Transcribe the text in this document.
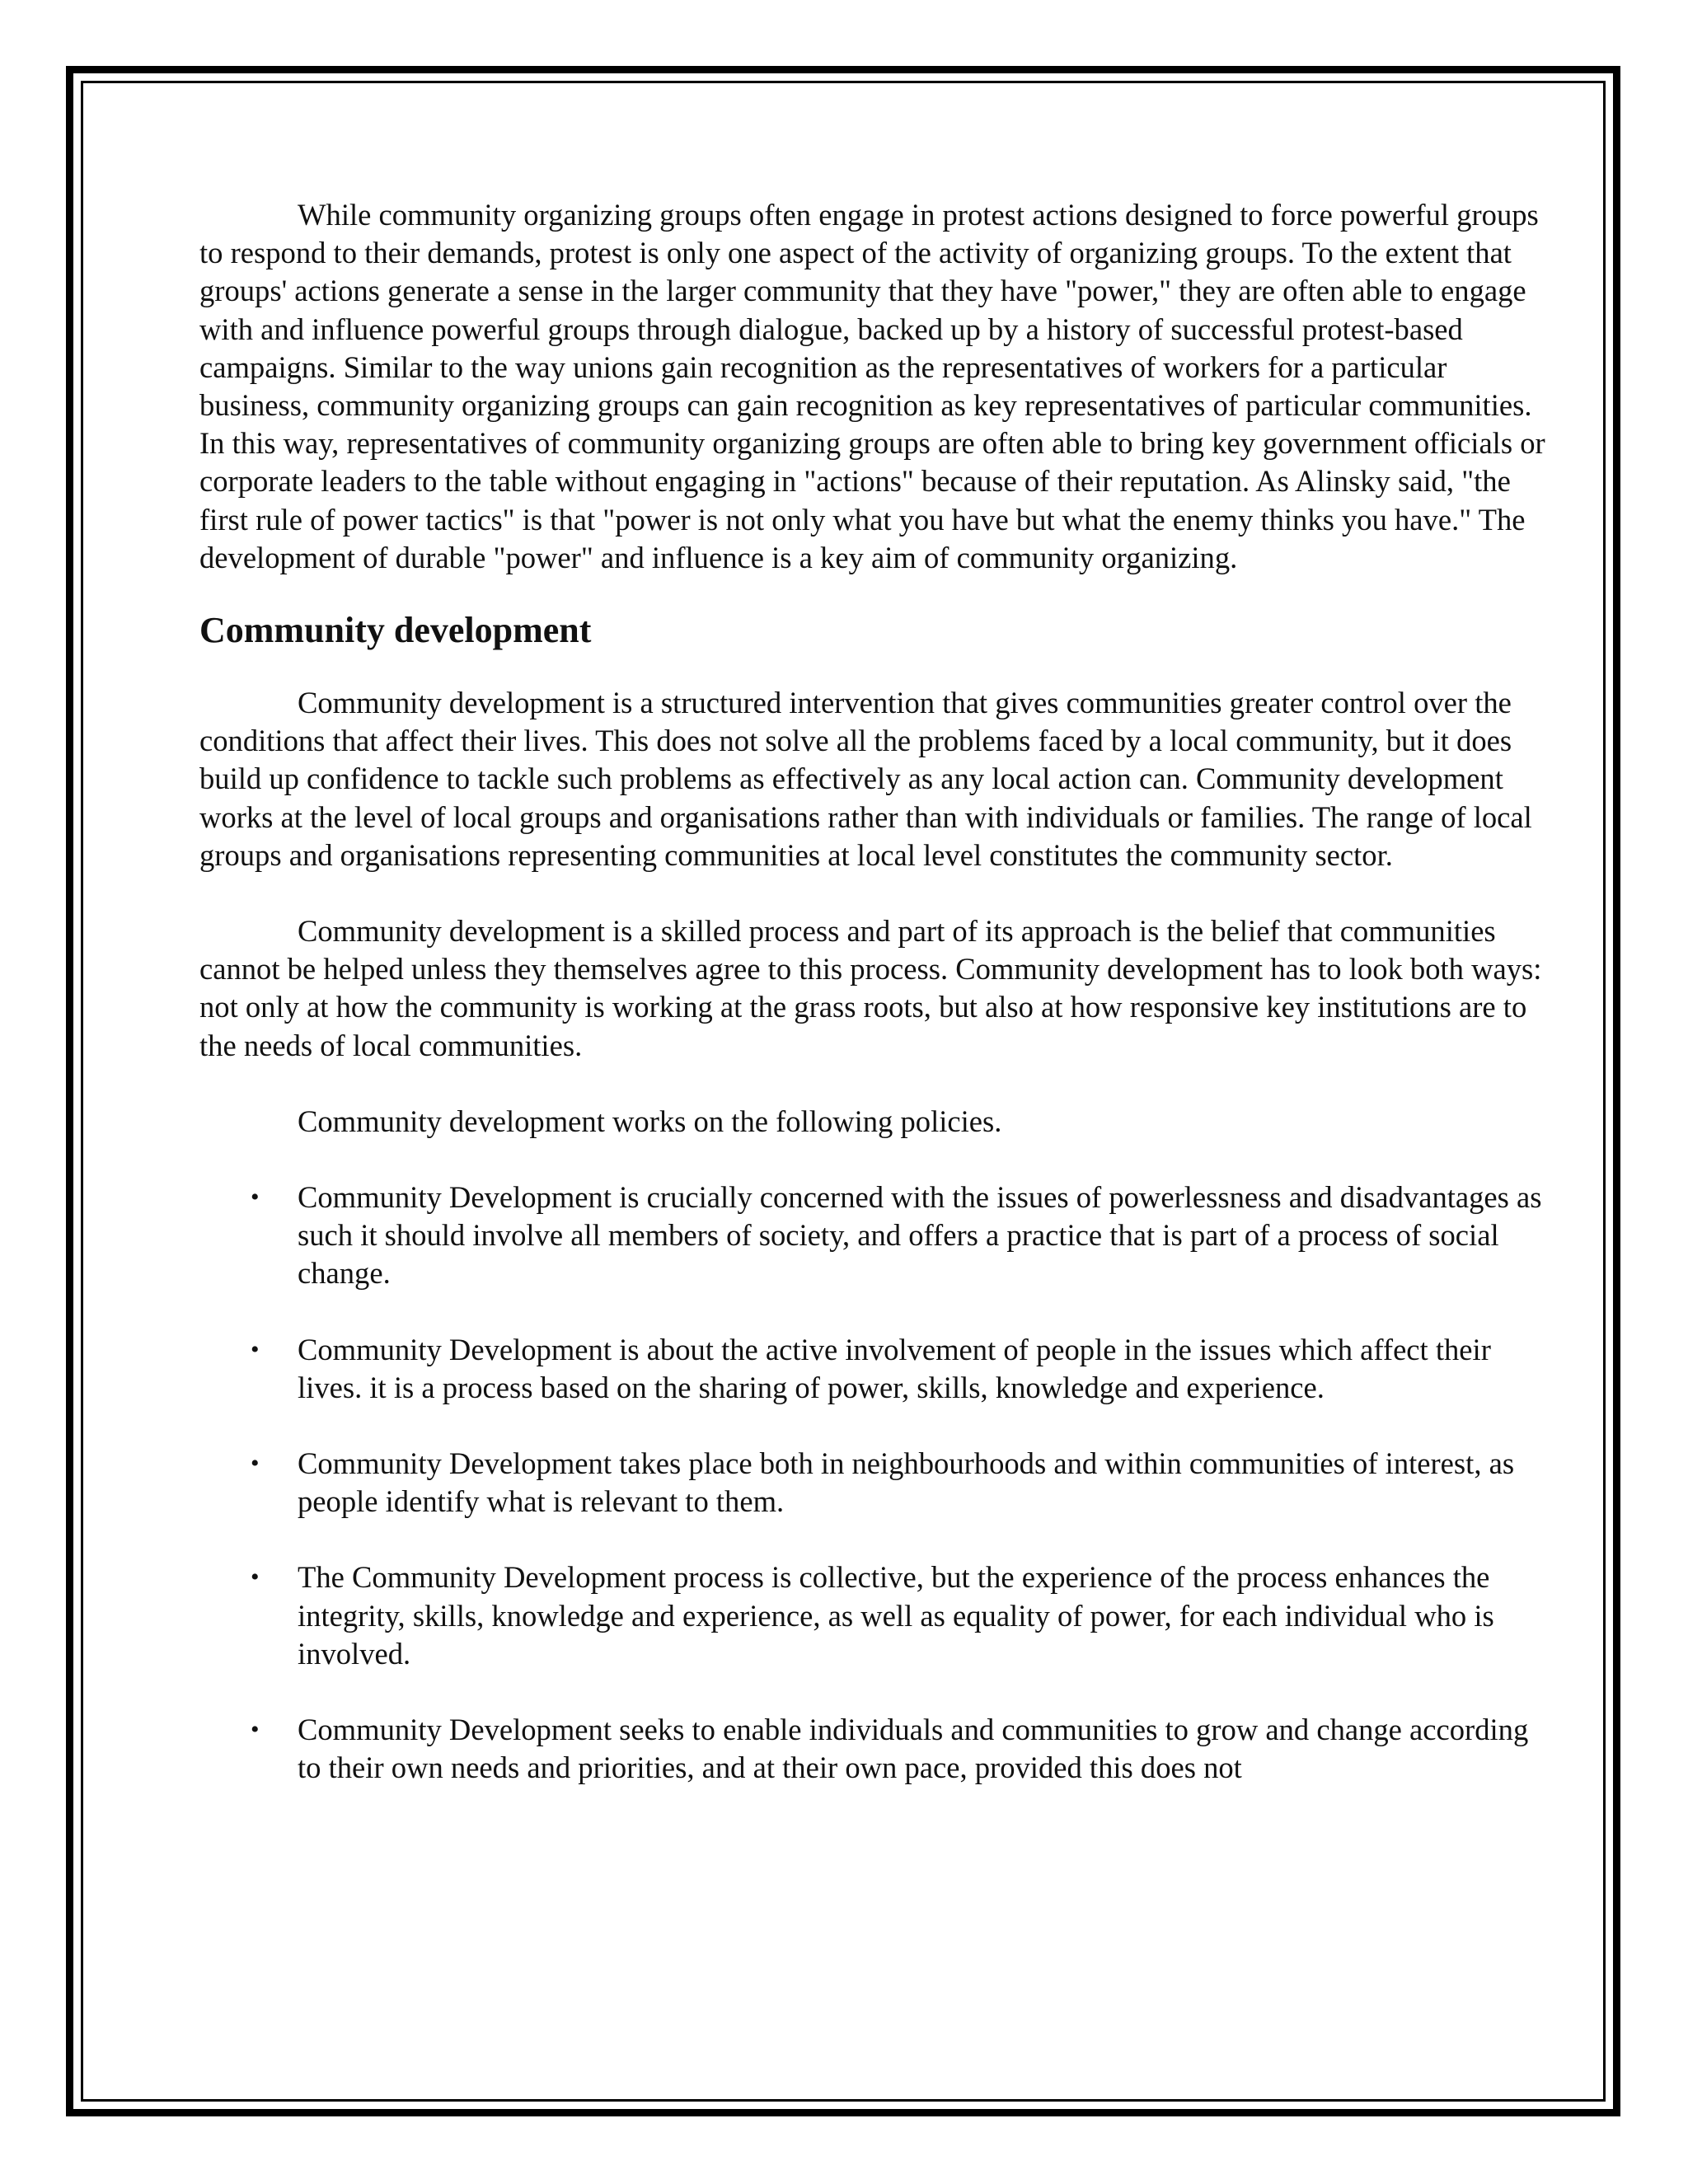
While community organizing groups often engage in protest actions designed to force powerful groups to respond to their demands, protest is only one aspect of the activity of organizing groups. To the extent that groups' actions generate a sense in the larger community that they have "power," they are often able to engage with and influence powerful groups through dialogue, backed up by a history of successful protest-based campaigns. Similar to the way unions gain recognition as the representatives of workers for a particular business, community organizing groups can gain recognition as key representatives of particular communities. In this way, representatives of community organizing groups are often able to bring key government officials or corporate leaders to the table without engaging in "actions" because of their reputation. As Alinsky said, "the first rule of power tactics" is that "power is not only what you have but what the enemy thinks you have." The development of durable "power" and influence is a key aim of community organizing.

Community development

Community development is a structured intervention that gives communities greater control over the conditions that affect their lives. This does not solve all the problems faced by a local community, but it does build up confidence to tackle such problems as effectively as any local action can. Community development works at the level of local groups and organisations rather than with individuals or families. The range of local groups and organisations representing communities at local level constitutes the community sector.

Community development is a skilled process and part of its approach is the belief that communities cannot be helped unless they themselves agree to this process. Community development has to look both ways: not only at how the community is working at the grass roots, but also at how responsive key institutions are to the needs of local communities.

Community development works on the following policies.

• Community Development is crucially concerned with the issues of powerlessness and disadvantages as such it should involve all members of society, and offers a practice that is part of a process of social change.
• Community Development is about the active involvement of people in the issues which affect their lives. it is a process based on the sharing of power, skills, knowledge and experience.
• Community Development takes place both in neighbourhoods and within communities of interest, as people identify what is relevant to them.
• The Community Development process is collective, but the experience of the process enhances the integrity, skills, knowledge and experience, as well as equality of power, for each individual who is involved.
• Community Development seeks to enable individuals and communities to grow and change according to their own needs and priorities, and at their own pace, provided this does not
